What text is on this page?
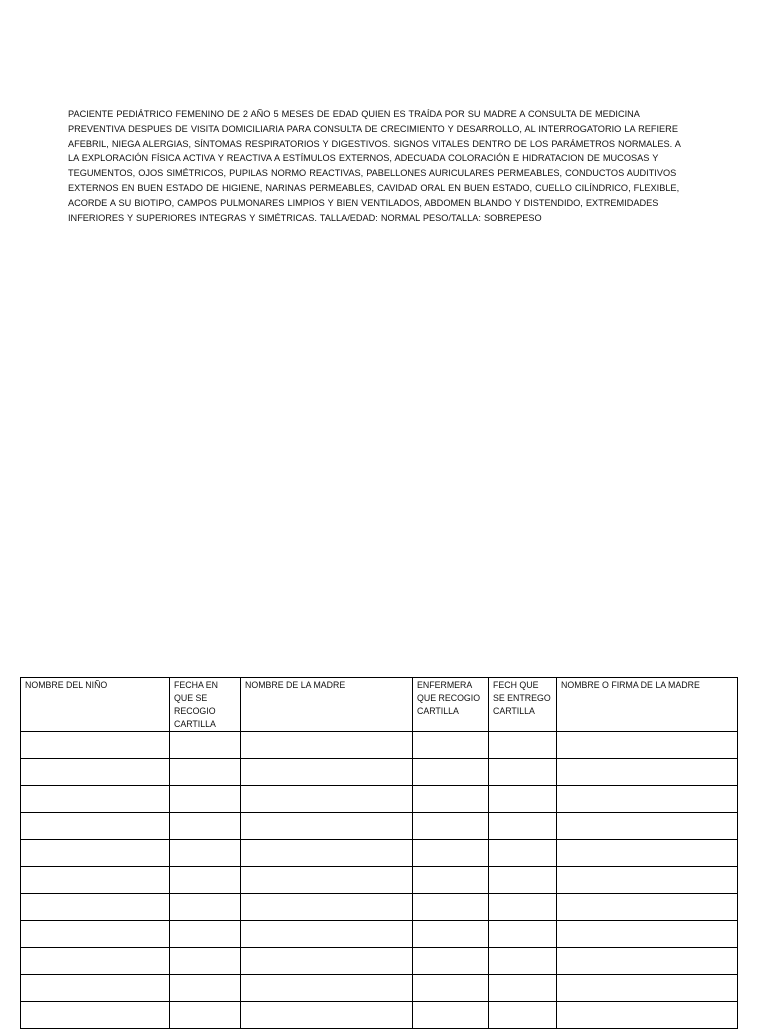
PACIENTE PEDIÁTRICO FEMENINO DE 2 AÑO 5 MESES DE EDAD QUIEN ES TRAÍDA POR SU MADRE A CONSULTA DE MEDICINA PREVENTIVA DESPUES DE VISITA DOMICILIARIA PARA CONSULTA DE CRECIMIENTO Y DESARROLLO, AL INTERROGATORIO LA REFIERE AFEBRIL, NIEGA ALERGIAS, SÍNTOMAS RESPIRATORIOS Y DIGESTIVOS. SIGNOS VITALES DENTRO DE LOS PARÁMETROS NORMALES. A LA EXPLORACIÓN FÍSICA ACTIVA Y REACTIVA A ESTÍMULOS EXTERNOS, ADECUADA COLORACIÓN E HIDRATACION DE MUCOSAS Y TEGUMENTOS, OJOS SIMÉTRICOS, PUPILAS NORMO REACTIVAS, PABELLONES AURICULARES PERMEABLES, CONDUCTOS AUDITIVOS EXTERNOS EN BUEN ESTADO DE HIGIENE, NARINAS PERMEABLES, CAVIDAD ORAL EN BUEN ESTADO, CUELLO CILÍNDRICO, FLEXIBLE, ACORDE A SU BIOTIPO, CAMPOS PULMONARES LIMPIOS Y BIEN VENTILADOS, ABDOMEN BLANDO Y DISTENDIDO, EXTREMIDADES INFERIORES Y SUPERIORES INTEGRAS Y SIMÉTRICAS. TALLA/EDAD: NORMAL PESO/TALLA: SOBREPESO

NOMBRE DEL NIÑO	FECHA EN QUE SE RECOGIO CARTILLA	NOMBRE DE LA MADRE	ENFERMERA QUE RECOGIO CARTILLA	FECH QUE SE ENTREGO CARTILLA	NOMBRE O FIRMA DE LA MADRE
